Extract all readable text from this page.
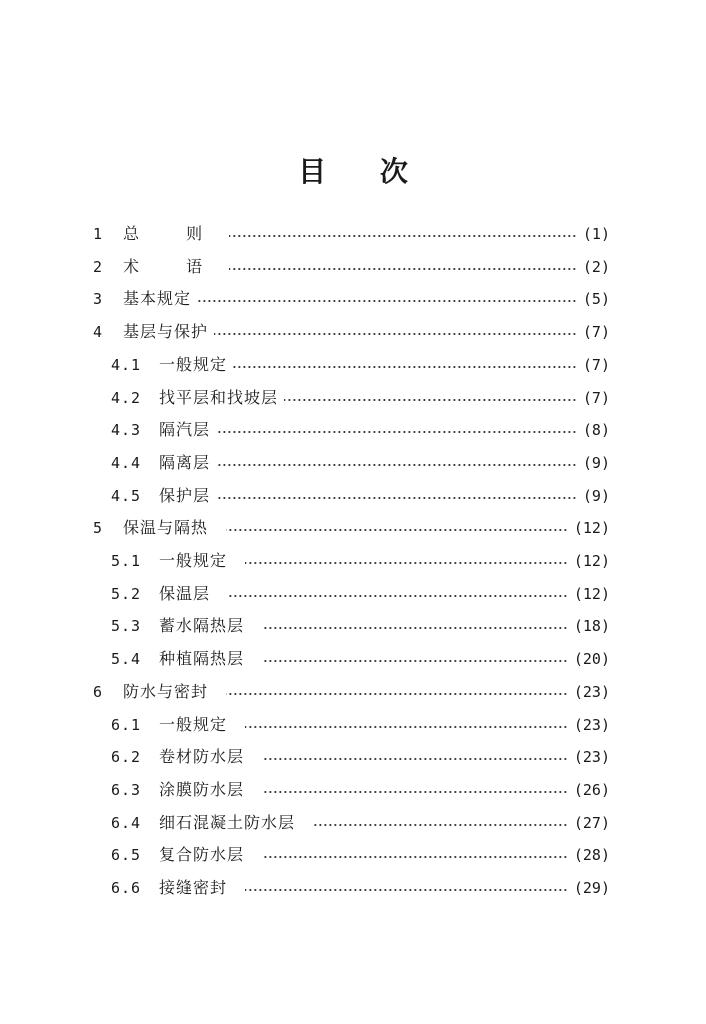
目 次
1	总 则	(1)
2	术 语	(2)
3	基本规定	(5)
4	基层与保护	(7)
4.1	一般规定	(7)
4.2	找平层和找坡层	(7)
4.3	隔汽层	(8)
4.4	隔离层	(9)
4.5	保护层	(9)
5	保温与隔热	(12)
5.1	一般规定	(12)
5.2	保温层	(12)
5.3	蓄水隔热层	(18)
5.4	种植隔热层	(20)
6	防水与密封	(23)
6.1	一般规定	(23)
6.2	卷材防水层	(23)
6.3	涂膜防水层	(26)
6.4	细石混凝土防水层	(27)
6.5	复合防水层	(28)
6.6	接缝密封	(29)
